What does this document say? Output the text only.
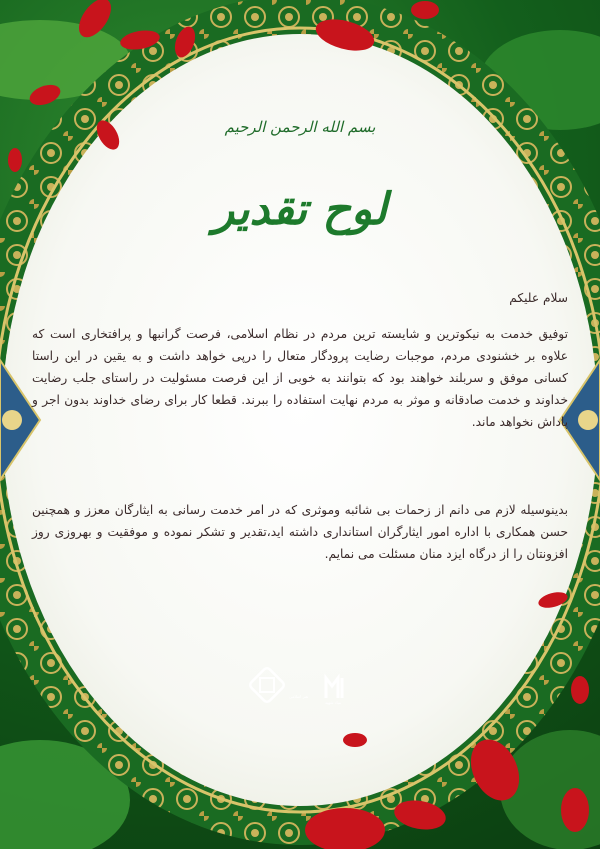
بسم الله الرحمن الرحیم
لوح تقدیر
سلام علیکم
توفیق خدمت به نیکوترین و شایسته ترین مردم در نظام اسلامی، فرصت گرانبها و پرافتخاری است که علاوه بر خشنودی مردم، موجبات رضایت پرودگار متعال را درپی خواهد داشت و به یقین در این راستا کسانی موفق و سربلند خواهند بود که بتوانند به خوبی از این فرصت مسئولیت در راستای جلب رضایت خداوند و خدمت صادقانه و موثر به مردم نهایت استفاده را ببرند. قطعا کار برای رضای خداوند بدون اجر و پاداش نخواهد ماند.
بدینوسیله لازم می دانم از زحمات بی شائبه وموثری که در امر خدمت رسانی به ایثارگان معزز و همچنین حسن همکاری با اداره امور ایثارگران استانداری داشته اید،تقدیر و تشکر نموده و موفقیت و بهروزی روز افزونتان را از درگاه ایزد منان مسئلت می نمایم.
هنر اسلامی
بنیاد شهید
